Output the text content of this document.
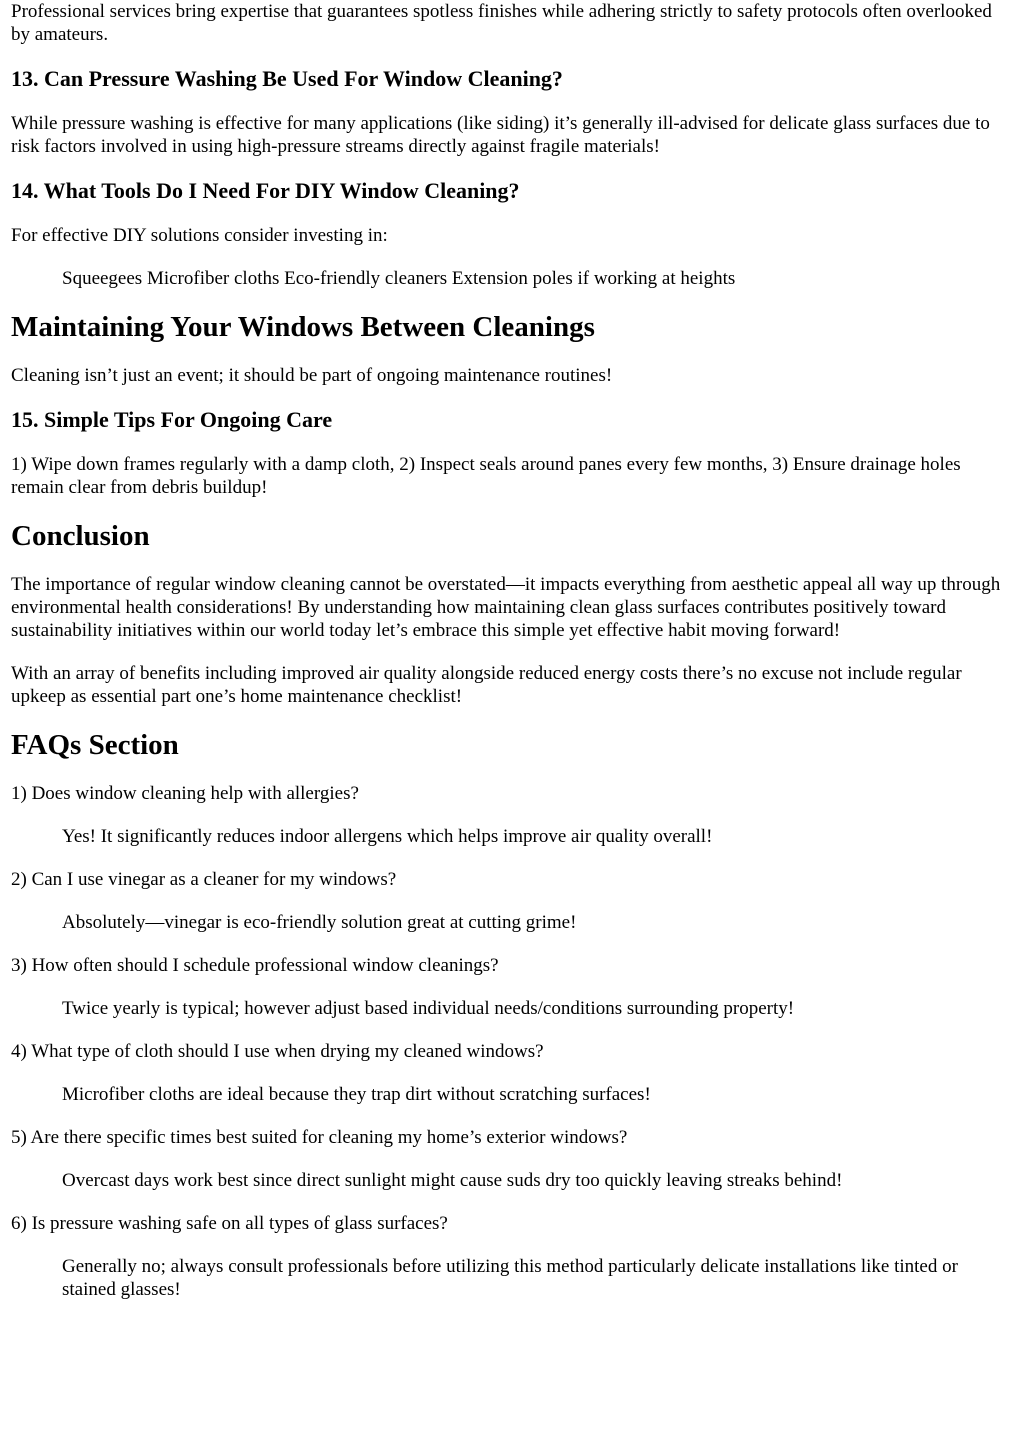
Professional services bring expertise that guarantees spotless finishes while adhering strictly to safety protocols often overlooked by amateurs.

13. Can Pressure Washing Be Used For Window Cleaning?

While pressure washing is effective for many applications (like siding) it’s generally ill-advised for delicate glass surfaces due to risk factors involved in using high-pressure streams directly against fragile materials!

14. What Tools Do I Need For DIY Window Cleaning?

For effective DIY solutions consider investing in:

Squeegees Microfiber cloths Eco-friendly cleaners Extension poles if working at heights

Maintaining Your Windows Between Cleanings

Cleaning isn’t just an event; it should be part of ongoing maintenance routines!

15. Simple Tips For Ongoing Care

1) Wipe down frames regularly with a damp cloth, 2) Inspect seals around panes every few months, 3) Ensure drainage holes remain clear from debris buildup!

Conclusion

The importance of regular window cleaning cannot be overstated—it impacts everything from aesthetic appeal all way up through environmental health considerations! By understanding how maintaining clean glass surfaces contributes positively toward sustainability initiatives within our world today let’s embrace this simple yet effective habit moving forward!

With an array of benefits including improved air quality alongside reduced energy costs there’s no excuse not include regular upkeep as essential part one’s home maintenance checklist!

FAQs Section

1) Does window cleaning help with allergies?

Yes! It significantly reduces indoor allergens which helps improve air quality overall!

2) Can I use vinegar as a cleaner for my windows?

Absolutely—vinegar is eco-friendly solution great at cutting grime!

3) How often should I schedule professional window cleanings?

Twice yearly is typical; however adjust based individual needs/conditions surrounding property!

4) What type of cloth should I use when drying my cleaned windows?

Microfiber cloths are ideal because they trap dirt without scratching surfaces!

5) Are there specific times best suited for cleaning my home’s exterior windows?

Overcast days work best since direct sunlight might cause suds dry too quickly leaving streaks behind!

6) Is pressure washing safe on all types of glass surfaces?

Generally no; always consult professionals before utilizing this method particularly delicate installations like tinted or stained glasses!
